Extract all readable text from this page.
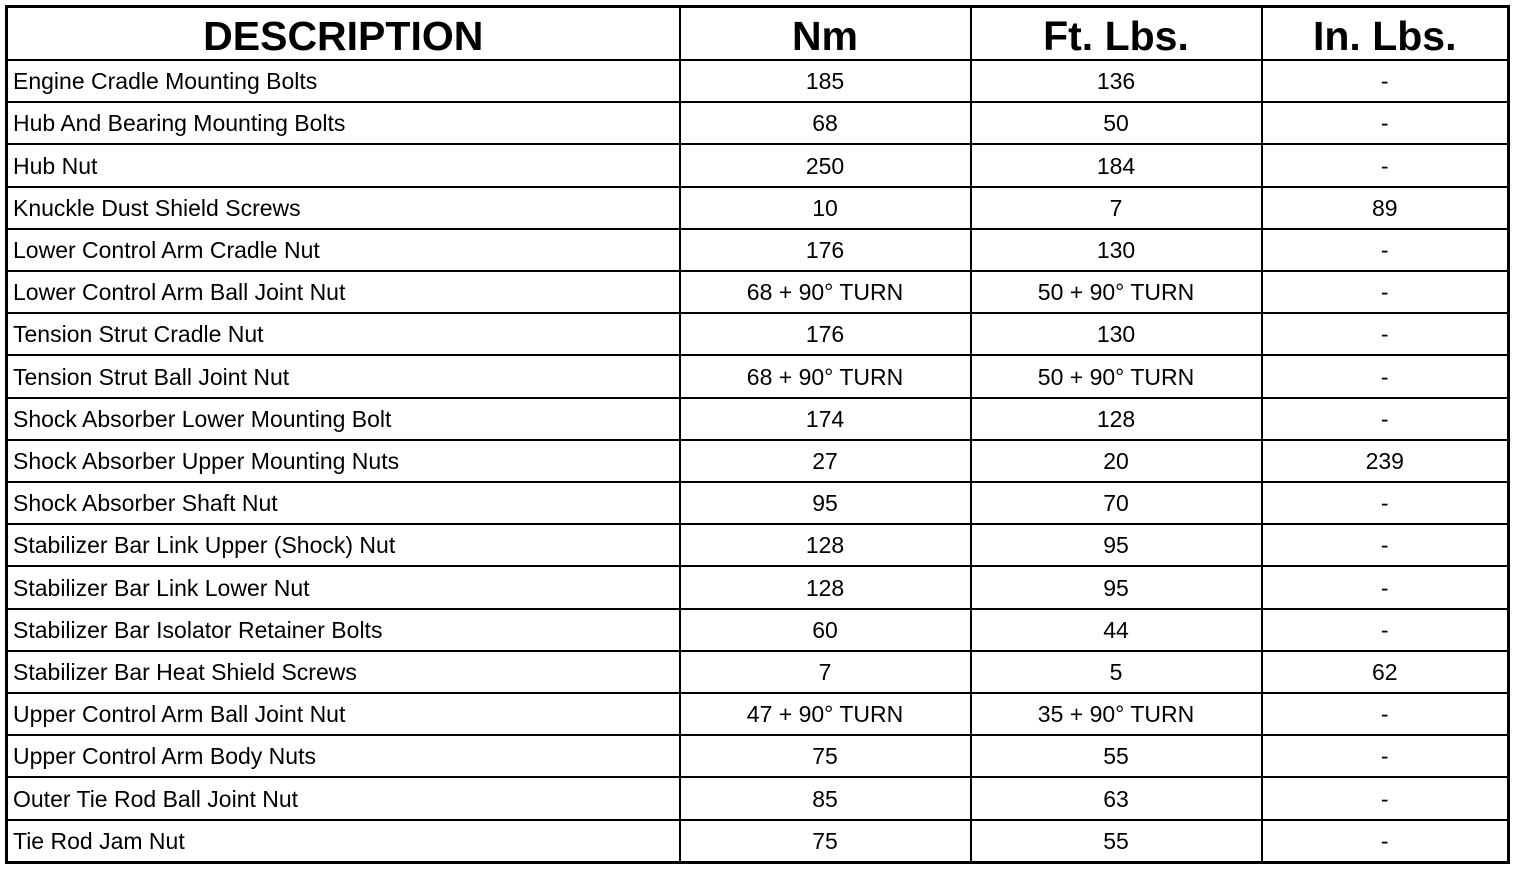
DESCRIPTION	Nm	Ft. Lbs.	In. Lbs.
Engine Cradle Mounting Bolts	185	136	-
Hub And Bearing Mounting Bolts	68	50	-
Hub Nut	250	184	-
Knuckle Dust Shield Screws	10	7	89
Lower Control Arm Cradle Nut	176	130	-
Lower Control Arm Ball Joint Nut	68 + 90° TURN	50 + 90° TURN	-
Tension Strut Cradle Nut	176	130	-
Tension Strut Ball Joint Nut	68 + 90° TURN	50 + 90° TURN	-
Shock Absorber Lower Mounting Bolt	174	128	-
Shock Absorber Upper Mounting Nuts	27	20	239
Shock Absorber Shaft Nut	95	70	-
Stabilizer Bar Link Upper (Shock) Nut	128	95	-
Stabilizer Bar Link Lower Nut	128	95	-
Stabilizer Bar Isolator Retainer Bolts	60	44	-
Stabilizer Bar Heat Shield Screws	7	5	62
Upper Control Arm Ball Joint Nut	47 + 90° TURN	35 + 90° TURN	-
Upper Control Arm Body Nuts	75	55	-
Outer Tie Rod Ball Joint Nut	85	63	-
Tie Rod Jam Nut	75	55	-
